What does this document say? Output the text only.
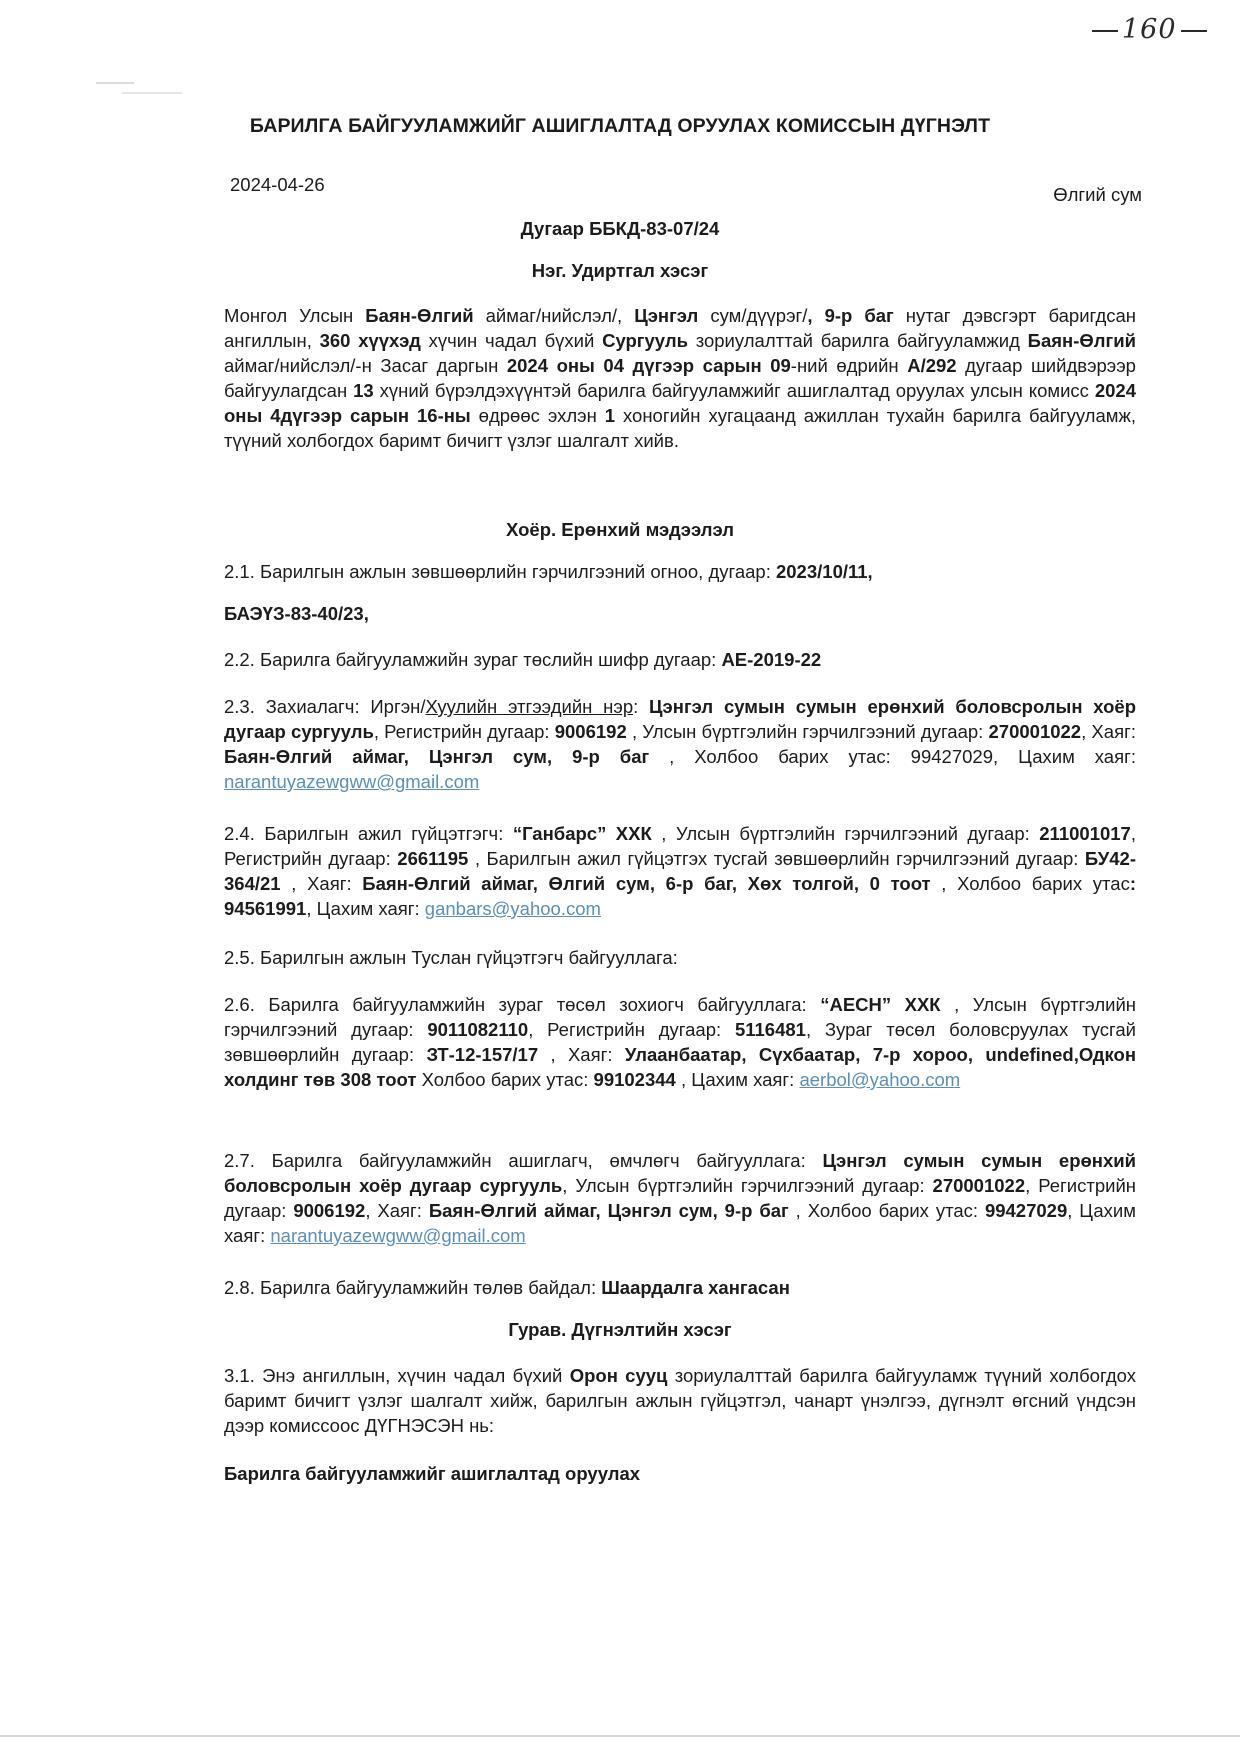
160
БАРИЛГА БАЙГУУЛАМЖИЙГ АШИГЛАЛТАД ОРУУЛАХ КОМИССЫН ДҮГНЭЛТ
2024-04-26	Өлгий сум
Дугаар ББКД-83-07/24
Нэг. Удиртгал хэсэг
Монгол Улсын Баян-Өлгий аймаг/нийслэл/, Цэнгэл сум/дүүрэг/, 9-р баг нутаг дэвсгэрт баригдсан ангиллын, 360 хүүхэд хүчин чадал бүхий Сургууль зориулалттай барилга байгууламжид Баян-Өлгий аймаг/нийслэл/-н Засаг даргын 2024 оны 04 дүгээр сарын 09-ний өдрийн А/292 дугаар шийдвэрээр байгуулагдсан 13 хүний бүрэлдэхүүнтэй барилга байгууламжийг ашиглалтад оруулах улсын комисс 2024 оны 4дүгээр сарын 16-ны өдрөөс эхлэн 1 хоногийн хугацаанд ажиллан тухайн барилга байгууламж, түүний холбогдох баримт бичигт үзлэг шалгалт хийв.
Хоёр. Ерөнхий мэдээлэл
2.1. Барилгын ажлын зөвшөөрлийн гэрчилгээний огноо, дугаар: 2023/10/11,
БАЭҮЗ-83-40/23,
2.2. Барилга байгууламжийн зураг төслийн шифр дугаар: АЕ-2019-22
2.3. Захиалагч: Иргэн/Хуулийн этгээдийн нэр: Цэнгэл сумын сумын ерөнхий боловсролын хоёр дугаар сургууль, Регистрийн дугаар: 9006192 , Улсын бүртгэлийн гэрчилгээний дугаар: 270001022, Хаяг: Баян-Өлгий аймаг, Цэнгэл сум, 9-р баг , Холбоо барих утас: 99427029, Цахим хаяг: narantuyazewgww@gmail.com
2.4. Барилгын ажил гүйцэтгэгч: “Ганбарс” ХХК , Улсын бүртгэлийн гэрчилгээний дугаар: 211001017, Регистрийн дугаар: 2661195 , Барилгын ажил гүйцэтгэх тусгай зөвшөөрлийн гэрчилгээний дугаар: БУ42-364/21 , Хаяг: Баян-Өлгий аймаг, Өлгий сум, 6-р баг, Хөх толгой, 0 тоот , Холбоо барих утас: 94561991, Цахим хаяг: ganbars@yahoo.com
2.5. Барилгын ажлын Туслан гүйцэтгэгч байгууллага:
2.6. Барилга байгууламжийн зураг төсөл зохиогч байгууллага: “АЕСН” ХХК , Улсын бүртгэлийн гэрчилгээний дугаар: 9011082110, Регистрийн дугаар: 5116481, Зураг төсөл боловсруулах тусгай зөвшөөрлийн дугаар: ЗТ-12-157/17 , Хаяг: Улаанбаатар, Сүхбаатар, 7-р хороо, undefined,Одкон холдинг төв 308 тоот Холбоо барих утас: 99102344 , Цахим хаяг: aerbol@yahoo.com
2.7. Барилга байгууламжийн ашиглагч, өмчлөгч байгууллага: Цэнгэл сумын сумын ерөнхий боловсролын хоёр дугаар сургууль, Улсын бүртгэлийн гэрчилгээний дугаар: 270001022, Регистрийн дугаар: 9006192, Хаяг: Баян-Өлгий аймаг, Цэнгэл сум, 9-р баг , Холбоо барих утас: 99427029, Цахим хаяг: narantuyazewgww@gmail.com
2.8. Барилга байгууламжийн төлөв байдал: Шаардалга хангасан
Гурав. Дүгнэлтийн хэсэг
3.1. Энэ ангиллын, хүчин чадал бүхий Орон сууц зориулалттай барилга байгууламж түүний холбогдох баримт бичигт үзлэг шалгалт хийж, барилгын ажлын гүйцэтгэл, чанарт үнэлгээ, дүгнэлт өгсний үндсэн дээр комиссоос ДҮГНЭСЭН нь:
Барилга байгууламжийг ашиглалтад оруулах
